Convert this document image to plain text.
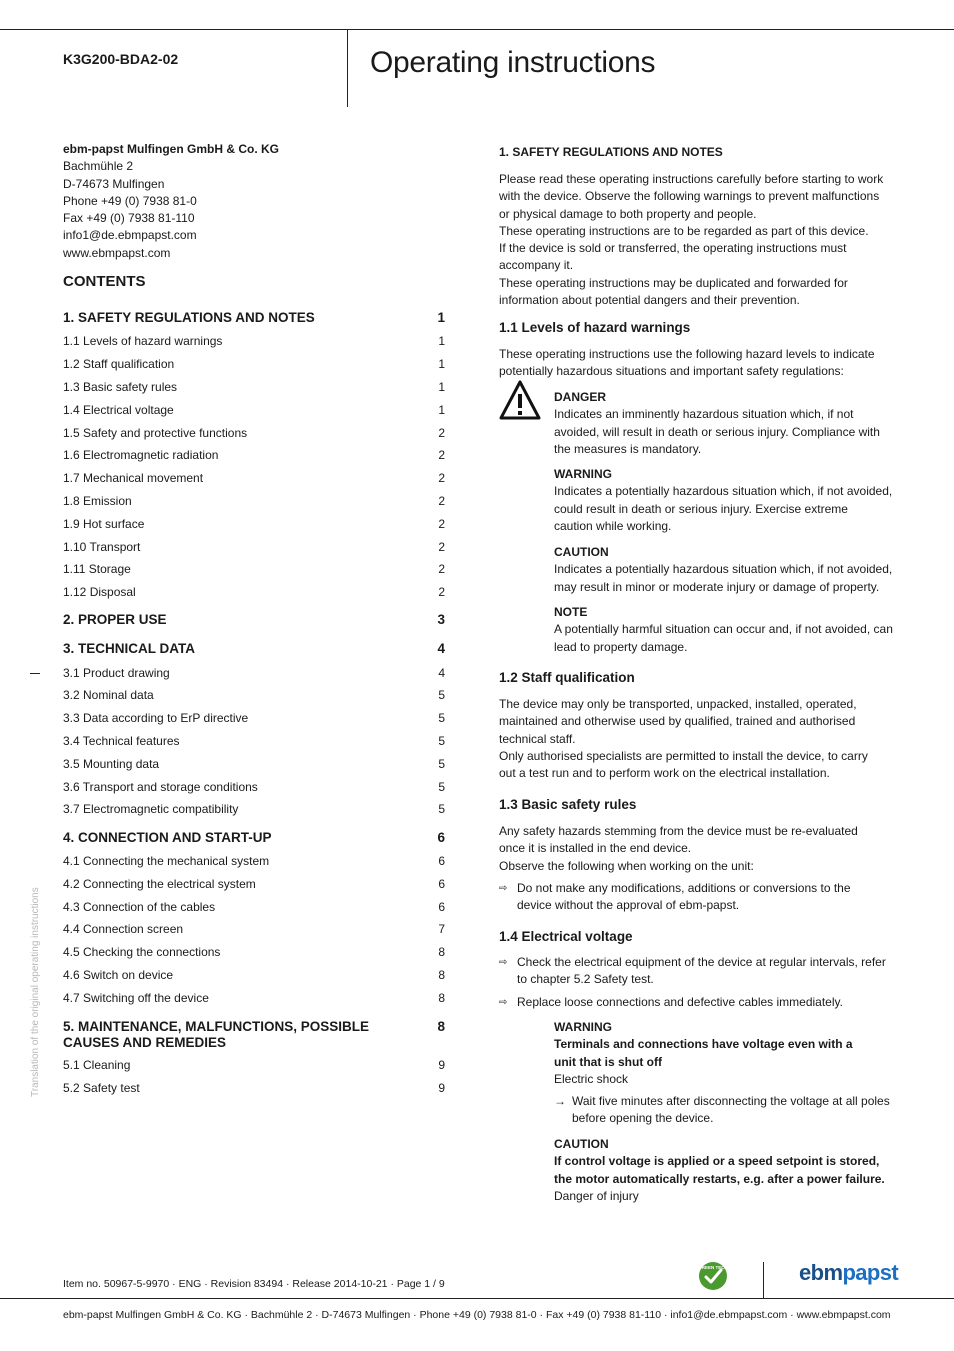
K3G200-BDA2-02	Operating instructions
ebm-papst Mulfingen GmbH & Co. KG
Bachmühle 2
D-74673 Mulfingen
Phone +49 (0) 7938 81-0
Fax +49 (0) 7938 81-110
info1@de.ebmpapst.com
www.ebmpapst.com
CONTENTS
1. SAFETY REGULATIONS AND NOTES	1
1.1 Levels of hazard warnings	1
1.2 Staff qualification	1
1.3 Basic safety rules	1
1.4 Electrical voltage	1
1.5 Safety and protective functions	2
1.6 Electromagnetic radiation	2
1.7 Mechanical movement	2
1.8 Emission	2
1.9 Hot surface	2
1.10 Transport	2
1.11 Storage	2
1.12 Disposal	2
2. PROPER USE	3
3. TECHNICAL DATA	4
3.1 Product drawing	4
3.2 Nominal data	5
3.3 Data according to ErP directive	5
3.4 Technical features	5
3.5 Mounting data	5
3.6 Transport and storage conditions	5
3.7 Electromagnetic compatibility	5
4. CONNECTION AND START-UP	6
4.1 Connecting the mechanical system	6
4.2 Connecting the electrical system	6
4.3 Connection of the cables	6
4.4 Connection screen	7
4.5 Checking the connections	8
4.6 Switch on device	8
4.7 Switching off the device	8
5. MAINTENANCE, MALFUNCTIONS, POSSIBLE
CAUSES AND REMEDIES
8
5.1 Cleaning	9
5.2 Safety test	9
1. SAFETY REGULATIONS AND NOTES
Please read these operating instructions carefully before starting to work
with the device. Observe the following warnings to prevent malfunctions
or physical damage to both property and people.
These operating instructions are to be regarded as part of this device.
If the device is sold or transferred, the operating instructions must
accompany it.
These operating instructions may be duplicated and forwarded for
information about potential dangers and their prevention.
1.1 Levels of hazard warnings
These operating instructions use the following hazard levels to indicate
potentially hazardous situations and important safety regulations:
DANGER
Indicates an imminently hazardous situation which, if not
avoided, will result in death or serious injury. Compliance with
the measures is mandatory.
WARNING
Indicates a potentially hazardous situation which, if not avoided,
could result in death or serious injury. Exercise extreme
caution while working.
CAUTION
Indicates a potentially hazardous situation which, if not avoided,
may result in minor or moderate injury or damage of property.
NOTE
A potentially harmful situation can occur and, if not avoided, can
lead to property damage.
1.2 Staff qualification
The device may only be transported, unpacked, installed, operated,
maintained and otherwise used by qualified, trained and authorised
technical staff.
Only authorised specialists are permitted to install the device, to carry
out a test run and to perform work on the electrical installation.
1.3 Basic safety rules
Any safety hazards stemming from the device must be re-evaluated
once it is installed in the end device.
Observe the following when working on the unit:
⇨ Do not make any modifications, additions or conversions to the
device without the approval of ebm-papst.
1.4 Electrical voltage
⇨ Check the electrical equipment of the device at regular intervals, refer
to chapter 5.2 Safety test.
⇨ Replace loose connections and defective cables immediately.
WARNING
Terminals and connections have voltage even with a
unit that is shut off
Electric shock
→ Wait five minutes after disconnecting the voltage at all poles
before opening the device.
CAUTION
If control voltage is applied or a speed setpoint is stored,
the motor automatically restarts, e.g. after a power failure.
Danger of injury
Translation of the original operating instructions
Item no. 50967-5-9970 · ENG · Revision 83494 · Release 2014-10-21 · Page 1 / 9
GREEN TECH	ebmpapst
ebm-papst Mulfingen GmbH & Co. KG · Bachmühle 2 · D-74673 Mulfingen · Phone +49 (0) 7938 81-0 · Fax +49 (0) 7938 81-110 · info1@de.ebmpapst.com · www.ebmpapst.com
